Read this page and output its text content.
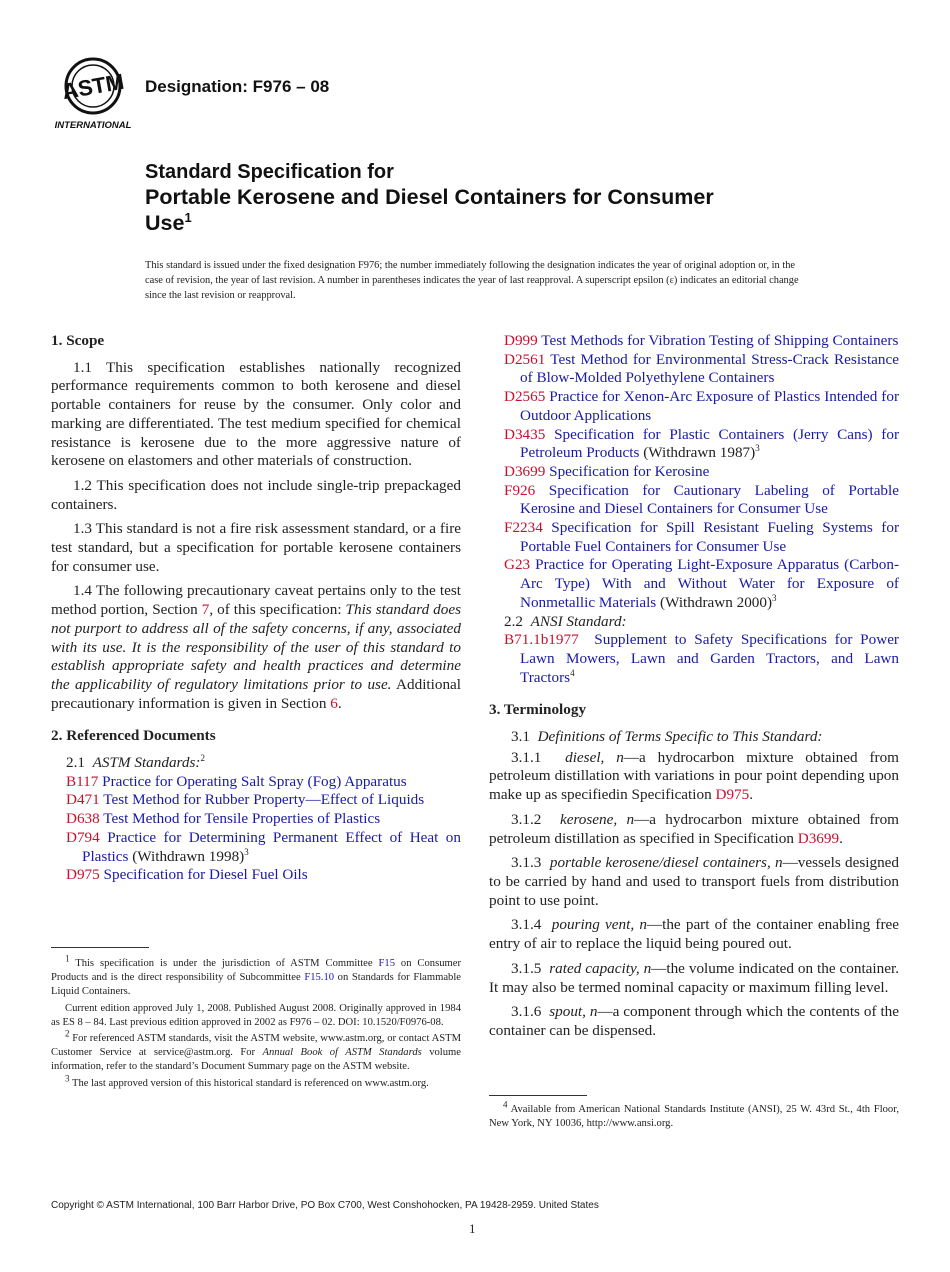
ASTM
INTERNATIONAL
Designation: F976 – 08
Standard Specification for
Portable Kerosene and Diesel Containers for Consumer
Use$^1$
This standard is issued under the fixed designation F976; the number immediately following the designation indicates the year of original adoption or, in the case of revision, the year of last revision. A number in parentheses indicates the year of last reapproval. A superscript epsilon (ε) indicates an editorial change since the last revision or reapproval.
1. Scope

1.1 This specification establishes nationally recognized performance requirements common to both kerosene and diesel portable containers for reuse by the consumer. Only color and marking are differentiated. The test medium specified for chemical resistance is kerosene due to the more aggressive nature of kerosene on elastomers and other materials of construction.

1.2 This specification does not include single-trip prepackaged containers.

1.3 This standard is not a fire risk assessment standard, or a fire test standard, but a specification for portable kerosene containers for consumer use.

1.4 The following precautionary caveat pertains only to the test method portion, Section 7, of this specification: This standard does not purport to address all of the safety concerns, if any, associated with its use. It is the responsibility of the user of this standard to establish appropriate safety and health practices and determine the applicability of regulatory limitations prior to use. Additional precautionary information is given in Section 6.

2. Referenced Documents

2.1 ASTM Standards:$^2$

B117 Practice for Operating Salt Spray (Fog) Apparatus

D471 Test Method for Rubber Property—Effect of Liquids

D638 Test Method for Tensile Properties of Plastics

D794 Practice for Determining Permanent Effect of Heat on Plastics (Withdrawn 1998)$^3$

D975 Specification for Diesel Fuel Oils

D999 Test Methods for Vibration Testing of Shipping Containers

D2561 Test Method for Environmental Stress-Crack Resistance of Blow-Molded Polyethylene Containers

D2565 Practice for Xenon-Arc Exposure of Plastics Intended for Outdoor Applications

D3435 Specification for Plastic Containers (Jerry Cans) for Petroleum Products (Withdrawn 1987)$^3$

D3699 Specification for Kerosine

F926 Specification for Cautionary Labeling of Portable Kerosine and Diesel Containers for Consumer Use

F2234 Specification for Spill Resistant Fueling Systems for Portable Fuel Containers for Consumer Use

G23 Practice for Operating Light-Exposure Apparatus (Carbon-Arc Type) With and Without Water for Exposure of Nonmetallic Materials (Withdrawn 2000)$^3$

2.2 ANSI Standard:

B71.1b1977 Supplement to Safety Specifications for Power Lawn Mowers, Lawn and Garden Tractors, and Lawn Tractors$^4$

3. Terminology

3.1 Definitions of Terms Specific to This Standard:

3.1.1 diesel, n—a hydrocarbon mixture obtained from petroleum distillation with variations in pour point depending upon make up as specifiedin Specification D975.

3.1.2 kerosene, n—a hydrocarbon mixture obtained from petroleum distillation as specified in Specification D3699.

3.1.3 portable kerosene/diesel containers, n—vessels designed to be carried by hand and used to transport fuels from distribution point to use point.

3.1.4 pouring vent, n—the part of the container enabling free entry of air to replace the liquid being poured out.

3.1.5 rated capacity, n—the volume indicated on the container. It may also be termed nominal capacity or maximum filling level.

3.1.6 spout, n—a component through which the contents of the container can be dispensed.

$^1$ This specification is under the jurisdiction of ASTM Committee F15 on Consumer Products and is the direct responsibility of Subcommittee F15.10 on Standards for Flammable Liquid Containers.

Current edition approved July 1, 2008. Published August 2008. Originally approved in 1984 as ES 8 – 84. Last previous edition approved in 2002 as F976 – 02. DOI: 10.1520/F0976-08.

$^2$ For referenced ASTM standards, visit the ASTM website, www.astm.org, or contact ASTM Customer Service at service@astm.org. For Annual Book of ASTM Standards volume information, refer to the standard’s Document Summary page on the ASTM website.

$^3$ The last approved version of this historical standard is referenced on www.astm.org.

$^4$ Available from American National Standards Institute (ANSI), 25 W. 43rd St., 4th Floor, New York, NY 10036, http://www.ansi.org.

Copyright © ASTM International, 100 Barr Harbor Drive, PO Box C700, West Conshohocken, PA 19428-2959. United States
1
